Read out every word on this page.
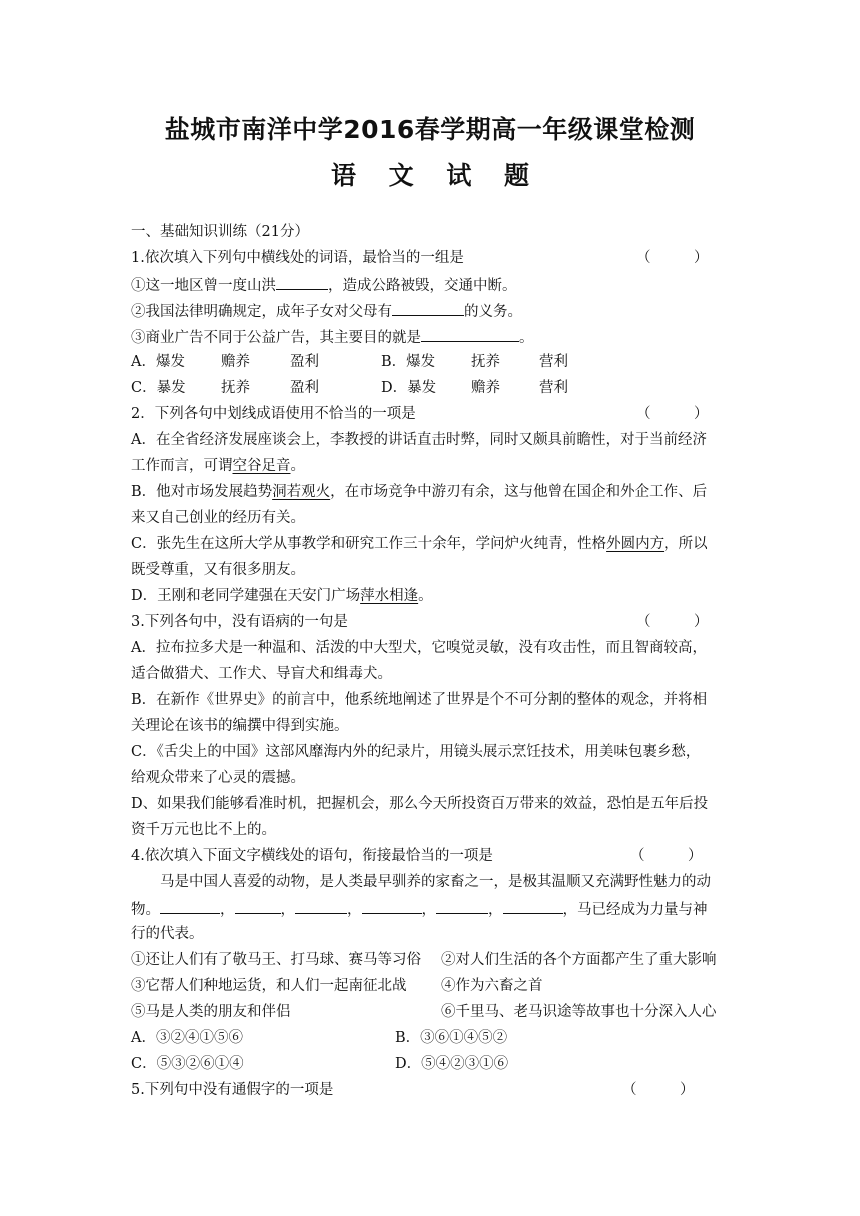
盐城市南洋中学2016春学期高一年级课堂检测
语 文 试 题
一、基础知识训练（21分）
1.依次填入下列句中横线处的词语，最恰当的一组是	（　　　）
①这一地区曾一度山洪	，造成公路被毁，交通中断。
②我国法律明确规定，成年子女对父母有	的义务。
③商业广告不同于公益广告，其主要目的就是	。
A．爆发 赡养	盈利	B．爆发 抚养	营利
C．暴发 抚养	盈利	D．暴发 赡养	营利
2．下列各句中划线成语使用不恰当的一项是	（　　　）
A．在全省经济发展座谈会上，李教授的讲话直击时弊，同时又颇具前瞻性，对于当前经济
工作而言，可谓空谷足音。
B．他对市场发展趋势洞若观火，在市场竞争中游刃有余，这与他曾在国企和外企工作、后
来又自己创业的经历有关。
C．张先生在这所大学从事教学和研究工作三十余年，学问炉火纯青，性格外圆内方，所以
既受尊重，又有很多朋友。
D．王刚和老同学建强在天安门广场萍水相逢。
3.下列各句中，没有语病的一句是	（　　　）
A．拉布拉多犬是一种温和、活泼的中大型犬，它嗅觉灵敏，没有攻击性，而且智商较高，
适合做猎犬、工作犬、导盲犬和缉毒犬。
B．在新作《世界史》的前言中，他系统地阐述了世界是个不可分割的整体的观念，并将相
关理论在该书的编撰中得到实施。
C．《舌尖上的中国》这部风靡海内外的纪录片，用镜头展示烹饪技术，用美味包裹乡愁，
给观众带来了心灵的震撼。
D、如果我们能够看准时机，把握机会，那么今天所投资百万带来的效益，恐怕是五年后投
资千万元也比不上的。
4.依次填入下面文字横线处的语句，衔接最恰当的一项是	（　　　）
马是中国人喜爱的动物，是人类最早驯养的家畜之一，是极其温顺又充满野性魅力的动
物。	，	，	，	，	，	，马已经成为力量与神
行的代表。
①还让人们有了敬马王、打马球、赛马等习俗 ②对人们生活的各个方面都产生了重大影响
③它帮人们种地运货，和人们一起南征北战 ④作为六畜之首
⑤马是人类的朋友和伴侣	⑥千里马、老马识途等故事也十分深入人心
A．③②④①⑤⑥	B．③⑥①④⑤②
C．⑤③②⑥①④	D．⑤④②③①⑥
5.下列句中没有通假字的一项是	（　　　）
